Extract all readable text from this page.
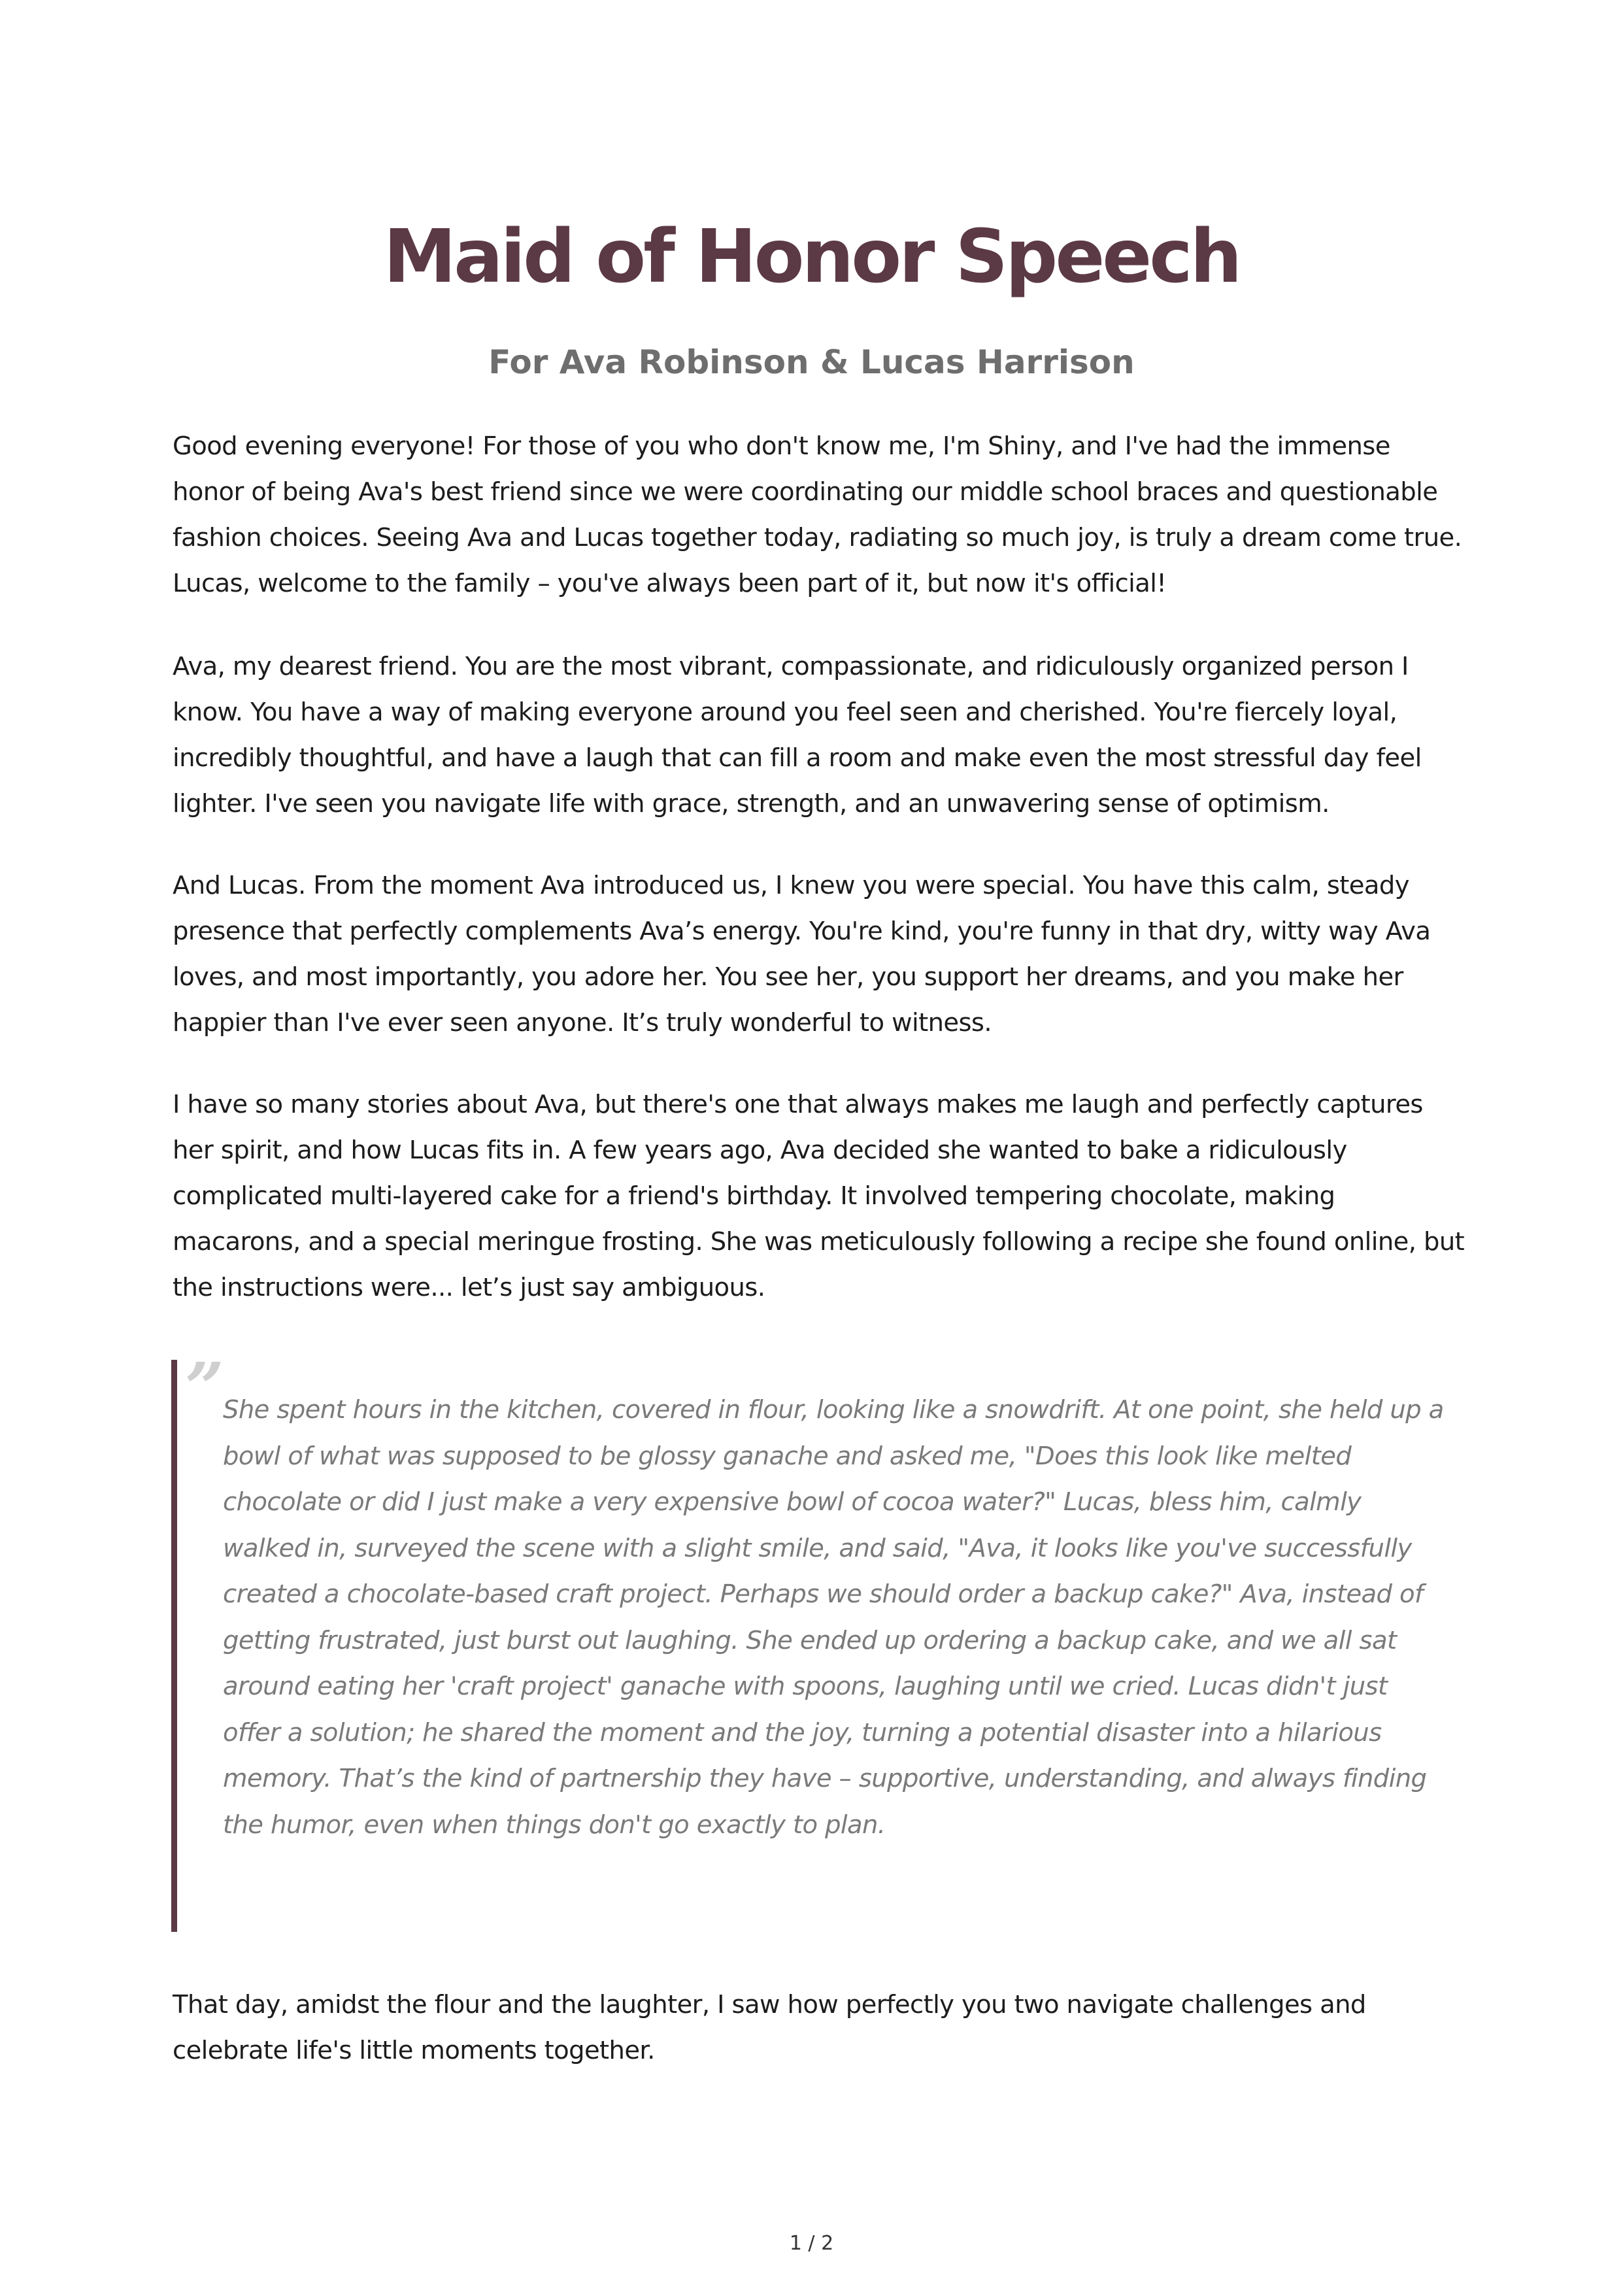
Maid of Honor Speech
For Ava Robinson & Lucas Harrison

Good evening everyone! For those of you who don't know me, I'm Shiny, and I've had the immense honor of being Ava's best friend since we were coordinating our middle school braces and questionable fashion choices. Seeing Ava and Lucas together today, radiating so much joy, is truly a dream come true. Lucas, welcome to the family – you've always been part of it, but now it's official!

Ava, my dearest friend. You are the most vibrant, compassionate, and ridiculously organized person I know. You have a way of making everyone around you feel seen and cherished. You're fiercely loyal, incredibly thoughtful, and have a laugh that can fill a room and make even the most stressful day feel lighter. I've seen you navigate life with grace, strength, and an unwavering sense of optimism.

And Lucas. From the moment Ava introduced us, I knew you were special. You have this calm, steady presence that perfectly complements Ava’s energy. You're kind, you're funny in that dry, witty way Ava loves, and most importantly, you adore her. You see her, you support her dreams, and you make her happier than I've ever seen anyone. It’s truly wonderful to witness.

I have so many stories about Ava, but there's one that always makes me laugh and perfectly captures her spirit, and how Lucas fits in. A few years ago, Ava decided she wanted to bake a ridiculously complicated multi-layered cake for a friend's birthday. It involved tempering chocolate, making macarons, and a special meringue frosting. She was meticulously following a recipe she found online, but the instructions were... let’s just say ambiguous.

”

She spent hours in the kitchen, covered in flour, looking like a snowdrift. At one point, she held up a bowl of what was supposed to be glossy ganache and asked me, "Does this look like melted chocolate or did I just make a very expensive bowl of cocoa water?" Lucas, bless him, calmly walked in, surveyed the scene with a slight smile, and said, "Ava, it looks like you've successfully created a chocolate-based craft project. Perhaps we should order a backup cake?" Ava, instead of getting frustrated, just burst out laughing. She ended up ordering a backup cake, and we all sat around eating her 'craft project' ganache with spoons, laughing until we cried. Lucas didn't just offer a solution; he shared the moment and the joy, turning a potential disaster into a hilarious memory. That’s the kind of partnership they have – supportive, understanding, and always finding the humor, even when things don't go exactly to plan.

That day, amidst the flour and the laughter, I saw how perfectly you two navigate challenges and celebrate life's little moments together.

1 / 2
